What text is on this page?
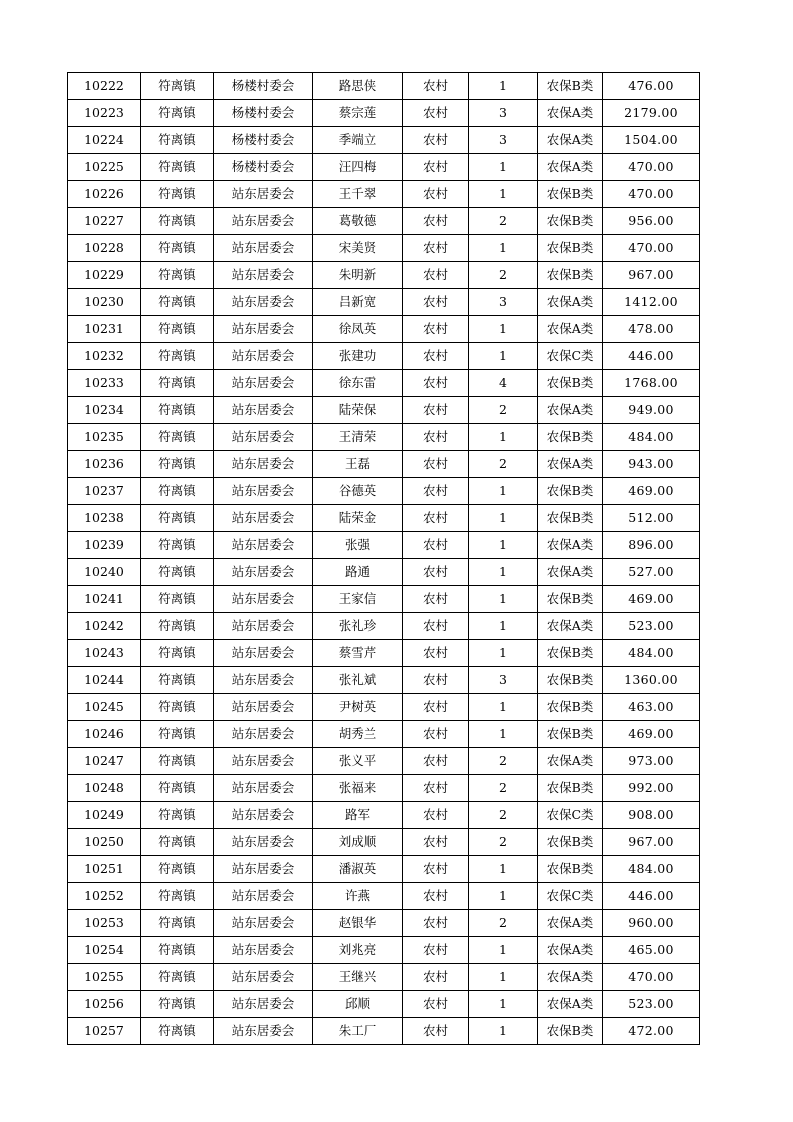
10222	符离镇	杨楼村委会	路思侠	农村	1	农保B类	476.00
10223	符离镇	杨楼村委会	蔡宗莲	农村	3	农保A类	2179.00
10224	符离镇	杨楼村委会	季端立	农村	3	农保A类	1504.00
10225	符离镇	杨楼村委会	汪四梅	农村	1	农保A类	470.00
10226	符离镇	站东居委会	王千翠	农村	1	农保B类	470.00
10227	符离镇	站东居委会	葛敬德	农村	2	农保B类	956.00
10228	符离镇	站东居委会	宋美贤	农村	1	农保B类	470.00
10229	符离镇	站东居委会	朱明新	农村	2	农保B类	967.00
10230	符离镇	站东居委会	吕新宽	农村	3	农保A类	1412.00
10231	符离镇	站东居委会	徐凤英	农村	1	农保A类	478.00
10232	符离镇	站东居委会	张建功	农村	1	农保C类	446.00
10233	符离镇	站东居委会	徐东雷	农村	4	农保B类	1768.00
10234	符离镇	站东居委会	陆荣保	农村	2	农保A类	949.00
10235	符离镇	站东居委会	王清荣	农村	1	农保B类	484.00
10236	符离镇	站东居委会	王磊	农村	2	农保A类	943.00
10237	符离镇	站东居委会	谷德英	农村	1	农保B类	469.00
10238	符离镇	站东居委会	陆荣金	农村	1	农保B类	512.00
10239	符离镇	站东居委会	张强	农村	1	农保A类	896.00
10240	符离镇	站东居委会	路通	农村	1	农保A类	527.00
10241	符离镇	站东居委会	王家信	农村	1	农保B类	469.00
10242	符离镇	站东居委会	张礼珍	农村	1	农保A类	523.00
10243	符离镇	站东居委会	蔡雪芹	农村	1	农保B类	484.00
10244	符离镇	站东居委会	张礼斌	农村	3	农保B类	1360.00
10245	符离镇	站东居委会	尹树英	农村	1	农保B类	463.00
10246	符离镇	站东居委会	胡秀兰	农村	1	农保B类	469.00
10247	符离镇	站东居委会	张义平	农村	2	农保A类	973.00
10248	符离镇	站东居委会	张福来	农村	2	农保B类	992.00
10249	符离镇	站东居委会	路军	农村	2	农保C类	908.00
10250	符离镇	站东居委会	刘成顺	农村	2	农保B类	967.00
10251	符离镇	站东居委会	潘淑英	农村	1	农保B类	484.00
10252	符离镇	站东居委会	许燕	农村	1	农保C类	446.00
10253	符离镇	站东居委会	赵银华	农村	2	农保A类	960.00
10254	符离镇	站东居委会	刘兆亮	农村	1	农保A类	465.00
10255	符离镇	站东居委会	王继兴	农村	1	农保A类	470.00
10256	符离镇	站东居委会	邱顺	农村	1	农保A类	523.00
10257	符离镇	站东居委会	朱工厂	农村	1	农保B类	472.00
